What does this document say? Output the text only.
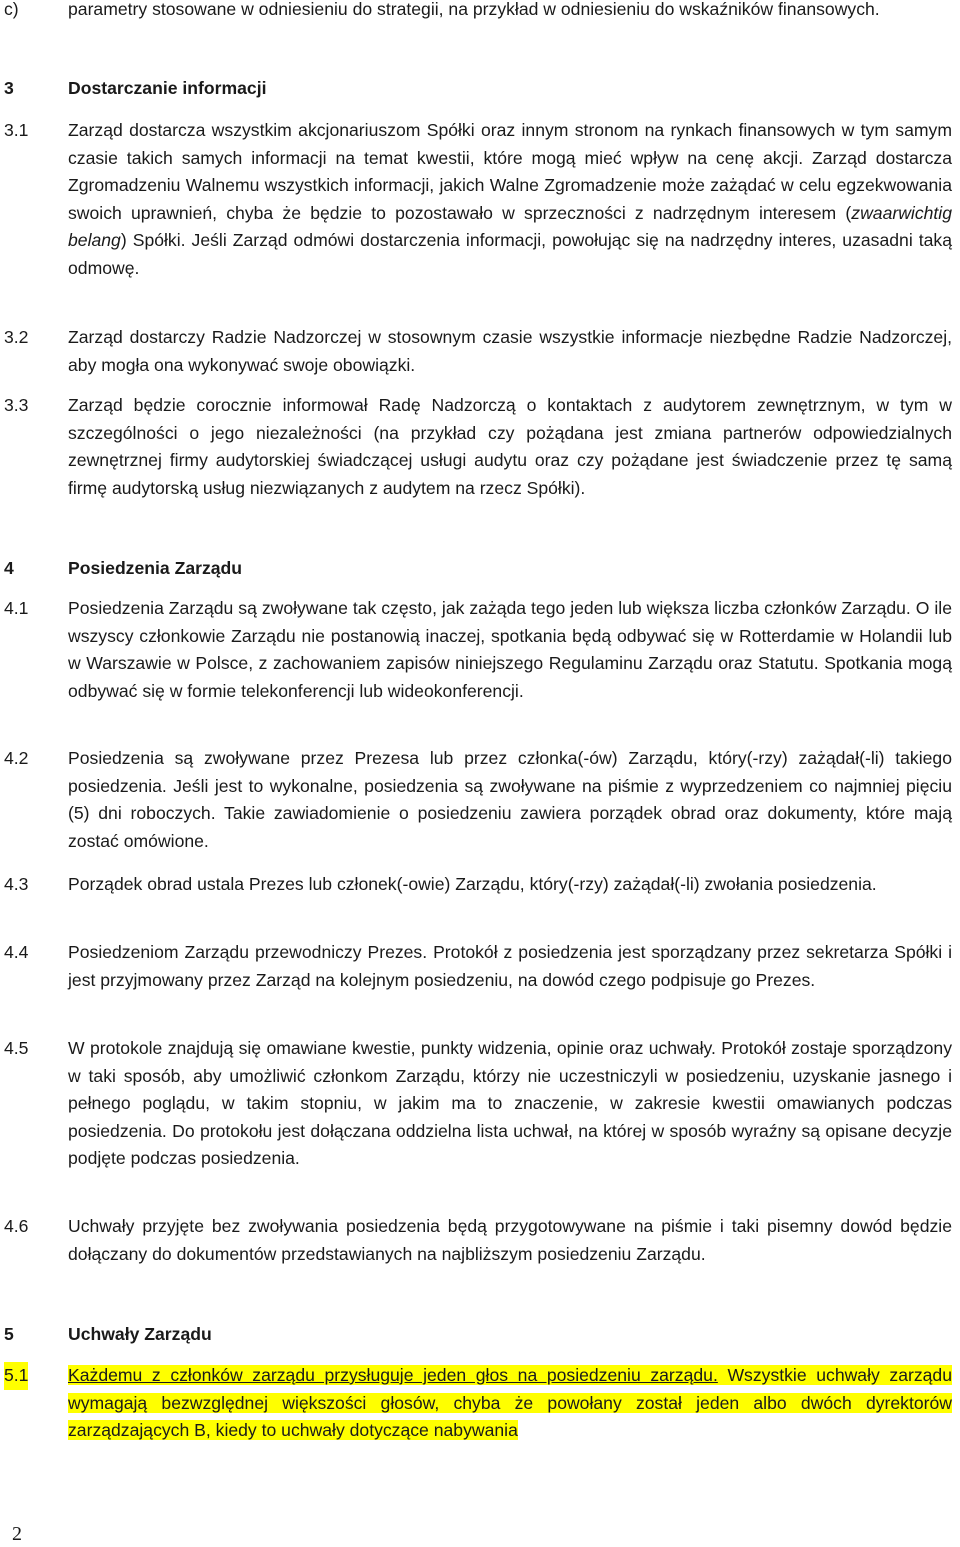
c)	parametry stosowane w odniesieniu do strategii, na przykład w odniesieniu do wskaźników finansowych.
3	Dostarczanie informacji
3.1 Zarząd dostarcza wszystkim akcjonariuszom Spółki oraz innym stronom na rynkach finansowych w tym samym czasie takich samych informacji na temat kwestii, które mogą mieć wpływ na cenę akcji. Zarząd dostarcza Zgromadzeniu Walnemu wszystkich informacji, jakich Walne Zgromadzenie może zażądać w celu egzekwowania swoich uprawnień, chyba że będzie to pozostawało w sprzeczności z nadrzędnym interesem (zwaarwichtig belang) Spółki. Jeśli Zarząd odmówi dostarczenia informacji, powołując się na nadrzędny interes, uzasadni taką odmowę.
3.2 Zarząd dostarczy Radzie Nadzorczej w stosownym czasie wszystkie informacje niezbędne Radzie Nadzorczej, aby mogła ona wykonywać swoje obowiązki.
3.3 Zarząd będzie corocznie informował Radę Nadzorczą o kontaktach z audytorem zewnętrznym, w tym w szczególności o jego niezależności (na przykład czy pożądana jest zmiana partnerów odpowiedzialnych zewnętrznej firmy audytorskiej świadczącej usługi audytu oraz czy pożądane jest świadczenie przez tę samą firmę audytorską usług niezwiązanych z audytem na rzecz Spółki).
4	Posiedzenia Zarządu
4.1 Posiedzenia Zarządu są zwoływane tak często, jak zażąda tego jeden lub większa liczba członków Zarządu. O ile wszyscy członkowie Zarządu nie postanowią inaczej, spotkania będą odbywać się w Rotterdamie w Holandii lub w Warszawie w Polsce, z zachowaniem zapisów niniejszego Regulaminu Zarządu oraz Statutu. Spotkania mogą odbywać się w formie telekonferencji lub wideokonferencji.
4.2 Posiedzenia są zwoływane przez Prezesa lub przez członka(-ów) Zarządu, który(-rzy) zażądał(-li) takiego posiedzenia. Jeśli jest to wykonalne, posiedzenia są zwoływane na piśmie z wyprzedzeniem co najmniej pięciu (5) dni roboczych. Takie zawiadomienie o posiedzeniu zawiera porządek obrad oraz dokumenty, które mają zostać omówione.
4.3 Porządek obrad ustala Prezes lub członek(-owie) Zarządu, który(-rzy) zażądał(-li) zwołania posiedzenia.
4.4 Posiedzeniom Zarządu przewodniczy Prezes. Protokół z posiedzenia jest sporządzany przez sekretarza Spółki i jest przyjmowany przez Zarząd na kolejnym posiedzeniu, na dowód czego podpisuje go Prezes.
4.5 W protokole znajdują się omawiane kwestie, punkty widzenia, opinie oraz uchwały. Protokół zostaje sporządzony w taki sposób, aby umożliwić członkom Zarządu, którzy nie uczestniczyli w posiedzeniu, uzyskanie jasnego i pełnego poglądu, w takim stopniu, w jakim ma to znaczenie, w zakresie kwestii omawianych podczas posiedzenia. Do protokołu jest dołączana oddzielna lista uchwał, na której w sposób wyraźny są opisane decyzje podjęte podczas posiedzenia.
4.6 Uchwały przyjęte bez zwoływania posiedzenia będą przygotowywane na piśmie i taki pisemny dowód będzie dołączany do dokumentów przedstawianych na najbliższym posiedzeniu Zarządu.
5	Uchwały Zarządu
5.1 Każdemu z członków zarządu przysługuje jeden głos na posiedzeniu zarządu. Wszystkie uchwały zarządu wymagają bezwzględnej większości głosów, chyba że powołany został jeden albo dwóch dyrektorów zarządzających B, kiedy to uchwały dotyczące nabywania
2
